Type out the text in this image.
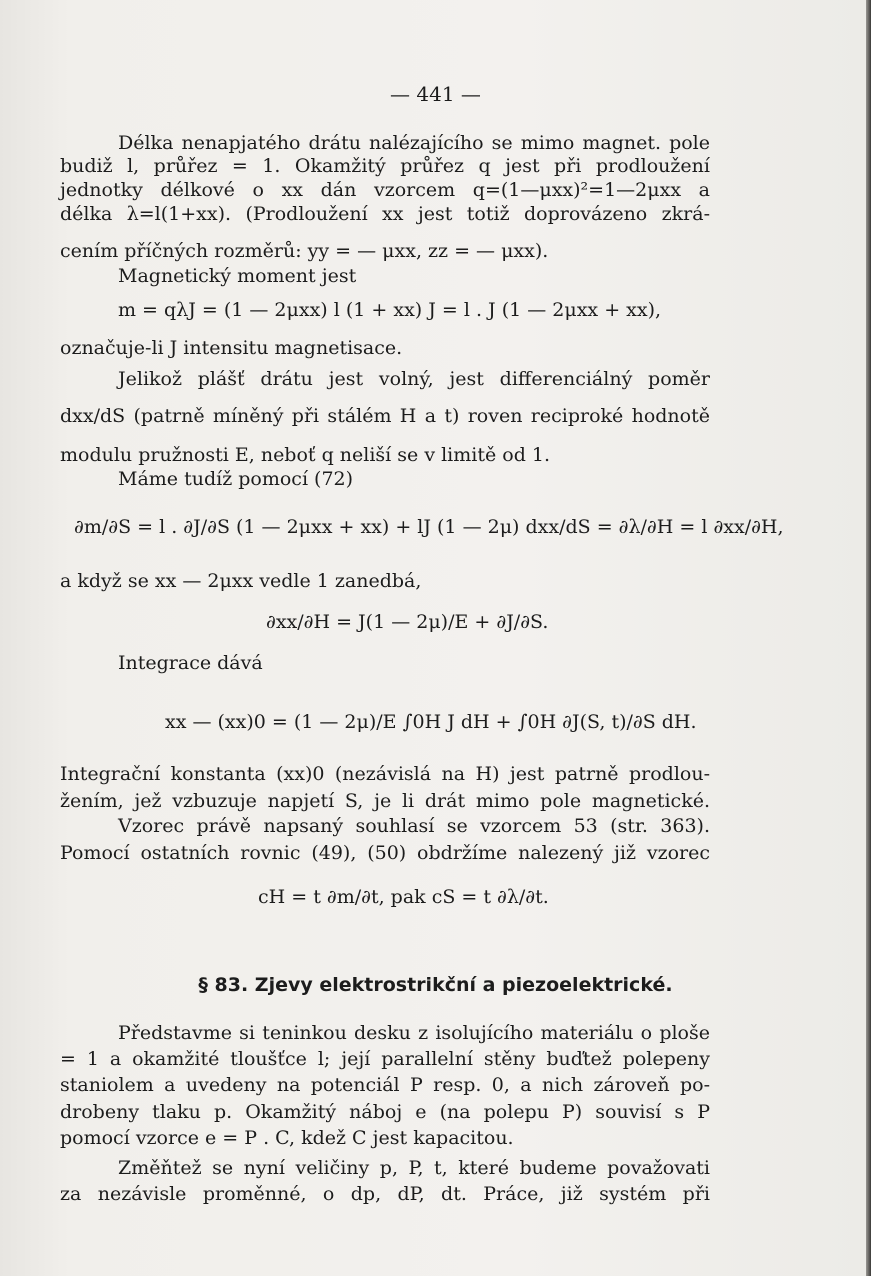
— 441 —
Délka nenapjatého drátu nalézajícího se mimo magnet. pole
budiž l, průřez = 1. Okamžitý průřez q jest při prodloužení
jednotky délkové o xx dán vzorcem q=(1—μxx)²=1—2μxx a
délka λ=l(1+xx). (Prodloužení xx jest totiž doprovázeno zkrá-
cením příčných rozměrů: yy = — μxx, zz = — μxx).
Magnetický moment jest
m = qλJ = (1 — 2μxx) l (1 + xx) J = l . J (1 — 2μxx + xx),
označuje-li J intensitu magnetisace.
Jelikož plášť drátu jest volný, jest differenciálný poměr
dxx/dS (patrně míněný při stálém H a t) roven reciproké hodnotě
modulu pružnosti E, neboť q neliší se v limitě od 1.
Máme tudíž pomocí (72)
∂m/∂S = l . ∂J/∂S (1 — 2μxx + xx) + lJ (1 — 2μ) dxx/dS = ∂λ/∂H = l ∂xx/∂H,
a když se xx — 2μxx vedle 1 zanedbá,
∂xx/∂H = J(1 — 2μ)/E + ∂J/∂S.
Integrace dává
xx — (xx)0 = (1 — 2μ)/E ∫0H J dH + ∫0H ∂J(S, t)/∂S dH.
Integrační konstanta (xx)0 (nezávislá na H) jest patrně prodlou-
žením, jež vzbuzuje napjetí S, je li drát mimo pole magnetické.
Vzorec právě napsaný souhlasí se vzorcem 53 (str. 363).
Pomocí ostatních rovnic (49), (50) obdržíme nalezený již vzorec
cH = t ∂m/∂t, pak cS = t ∂λ/∂t.
§ 83. Zjevy elektrostrikční a piezoelektrické.
Představme si teninkou desku z isolujícího materiálu o ploše
= 1 a okamžité tloušťce l; její parallelní stěny buďtež polepeny
staniolem a uvedeny na potenciál P resp. 0, a nich zároveň po-
drobeny tlaku p. Okamžitý náboj e (na polepu P) souvisí s P
pomocí vzorce e = P . C, kdež C jest kapacitou.
Změňtež se nyní veličiny p, P, t, které budeme považovati
za nezávisle proměnné, o dp, dP, dt. Práce, již systém při
